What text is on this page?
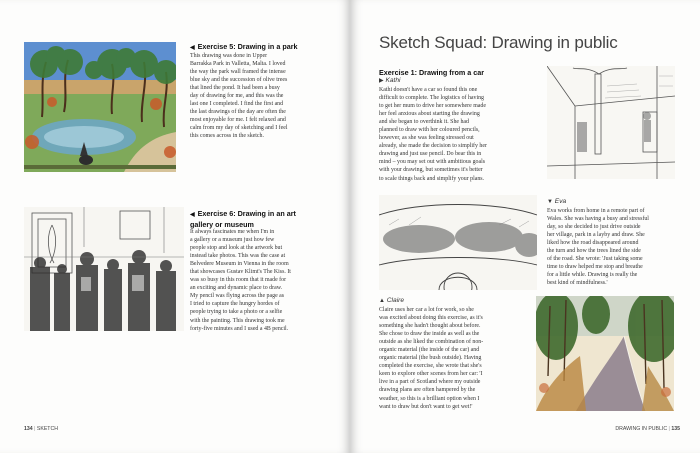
◀ Exercise 5: Drawing in a park
This drawing was done in Upper
Barrakka Park in Valletta, Malta. I loved
the way the park wall framed the intense
blue sky and the succession of olive trees
that lined the pond. It had been a busy
day of drawing for me, and this was the
last one I completed. I find the first and
the last drawings of the day are often the
most enjoyable for me. I felt relaxed and
calm from my day of sketching and I feel
this comes across in the sketch.
◀ Exercise 6: Drawing in an art
gallery or museum
It always fascinates me when I'm in
a gallery or a museum just how few
people stop and look at the artwork but
instead take photos. This was the case at
Belvedere Museum in Vienna in the room
that showcases Gustav Klimt's The Kiss. It
was so busy in this room that it made for
an exciting and dynamic place to draw.
My pencil was flying across the page as
I tried to capture the hungry hordes of
people trying to take a photo or a selfie
with the painting. This drawing took me
forty-five minutes and I used a 4B pencil.
134 | SKETCH
Sketch Squad: Drawing in public
Exercise 1: Drawing from a car
▶ Kathi
Kathi doesn't have a car so found this one
difficult to complete. The logistics of having
to get her mum to drive her somewhere made
her feel anxious about starting the drawing
and she began to overthink it. She had
planned to draw with her coloured pencils,
however, as she was feeling stressed out
already, she made the decision to simplify her
drawing and just use pencil. Do bear this in
mind – you may set out with ambitious goals
with your drawing, but sometimes it's better
to scale things back and simplify your plans.
▲ Claire
Claire uses her car a lot for work, so she
was excited about doing this exercise, as it's
something she hadn't thought about before.
She chose to draw the inside as well as the
outside as she liked the combination of non-
organic material (the inside of the car) and
organic material (the bush outside). Having
completed the exercise, she wrote that she's
keen to explore other scenes from her car: 'I
live in a part of Scotland where my outside
drawing plans are often hampered by the
weather, so this is a brilliant option when I
want to draw but don't want to get wet!'
▼ Eva
Eva works from home in a remote part of
Wales. She was having a busy and stressful
day, so she decided to just drive outside
her village, park in a layby and draw. She
liked how the road disappeared around
the turn and how the trees lined the side
of the road. She wrote: 'Just taking some
time to draw helped me stop and breathe
for a little while. Drawing is really the
best kind of mindfulness.'
DRAWING IN PUBLIC | 135
